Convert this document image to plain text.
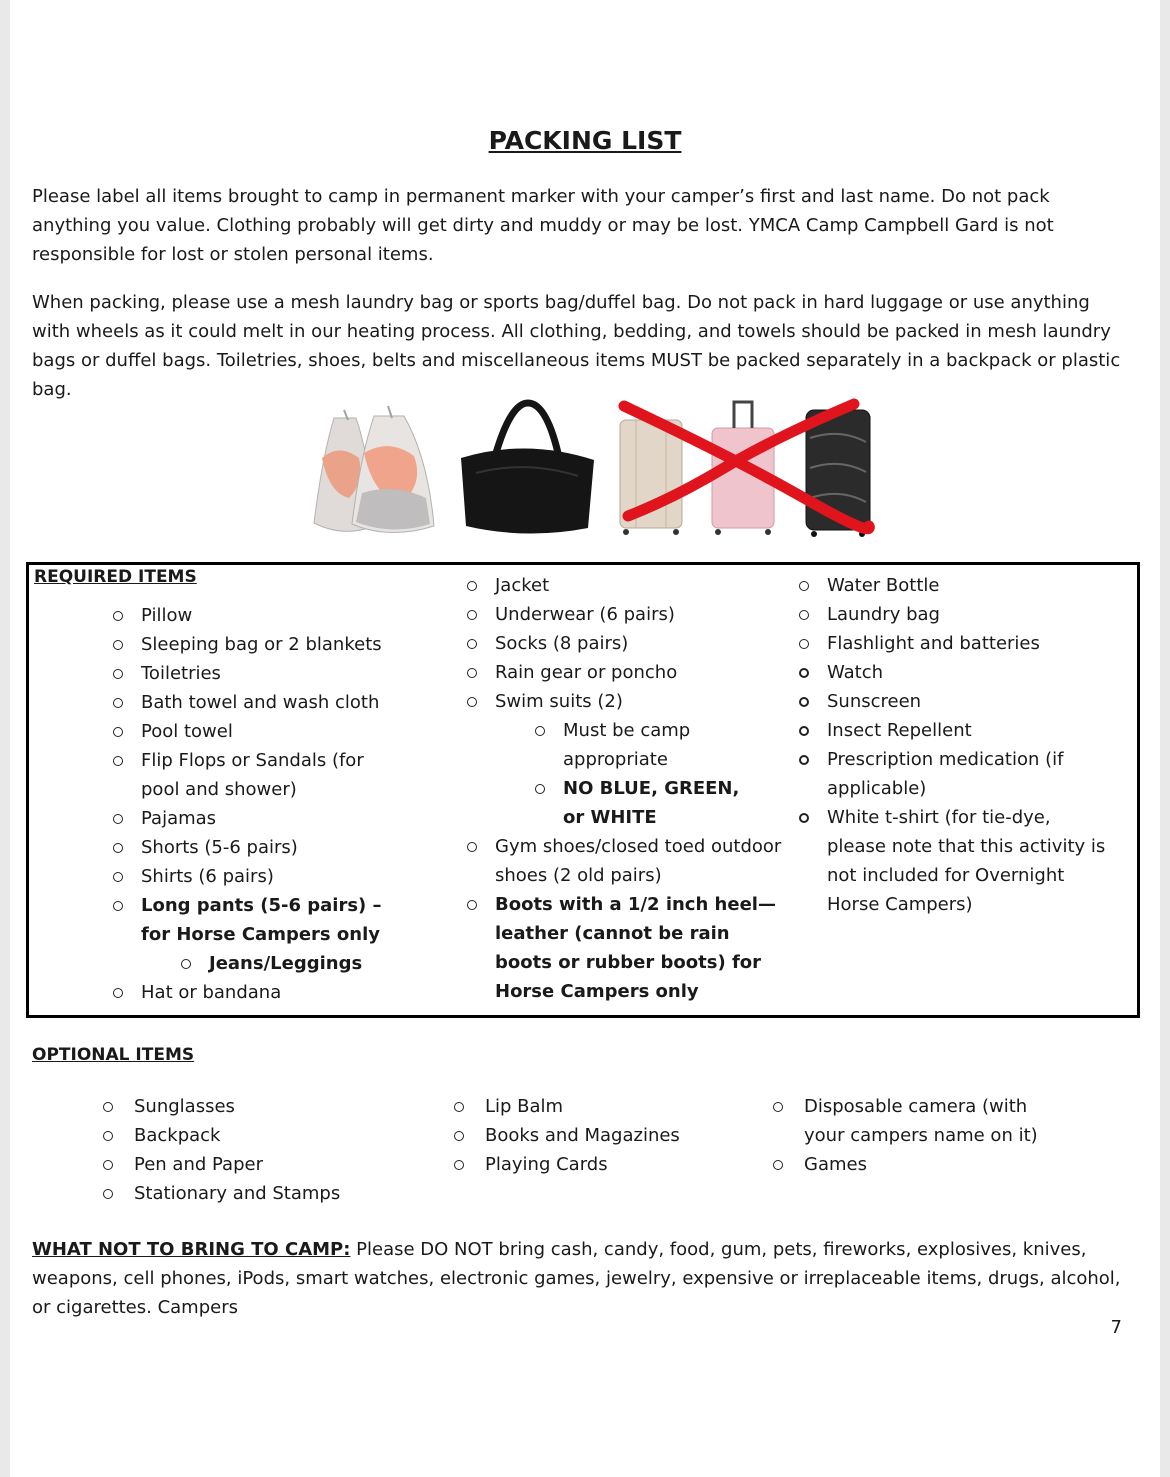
PACKING LIST

Please label all items brought to camp in permanent marker with your camper’s first and last name. Do not pack anything you value. Clothing probably will get dirty and muddy or may be lost. YMCA Camp Campbell Gard is not responsible for lost or stolen personal items.

When packing, please use a mesh laundry bag or sports bag/duffel bag. Do not pack in hard luggage or use anything with wheels as it could melt in our heating process. All clothing, bedding, and towels should be packed in mesh laundry bags or duffel bags. Toiletries, shoes, belts and miscellaneous items MUST be packed separately in a backpack or plastic bag.

REQUIRED ITEMS
Pillow
Sleeping bag or 2 blankets
Toiletries
Bath towel and wash cloth
Pool towel
Flip Flops or Sandals (for pool and shower)
Pajamas
Shorts (5-6 pairs)
Shirts (6 pairs)
Long pants (5-6 pairs) – for Horse Campers only
Jeans/Leggings
Hat or bandana
Jacket
Underwear (6 pairs)
Socks (8 pairs)
Rain gear or poncho
Swim suits (2)
Must be camp appropriate
NO BLUE, GREEN, or WHITE
Gym shoes/closed toed outdoor shoes (2 old pairs)
Boots with a 1/2 inch heel— leather (cannot be rain boots or rubber boots) for Horse Campers only
Water Bottle
Laundry bag
Flashlight and batteries
Watch
Sunscreen
Insect Repellent
Prescription medication (if applicable)
White t-shirt (for tie-dye, please note that this activity is not included for Overnight Horse Campers)
OPTIONAL ITEMS
Sunglasses
Backpack
Pen and Paper
Stationary and Stamps
Lip Balm
Books and Magazines
Playing Cards
Disposable camera (with your campers name on it)
Games

WHAT NOT TO BRING TO CAMP: Please DO NOT bring cash, candy, food, gum, pets, fireworks, explosives, knives, weapons, cell phones, iPods, smart watches, electronic games, jewelry, expensive or irreplaceable items, drugs, alcohol, or cigarettes. Campers

7
